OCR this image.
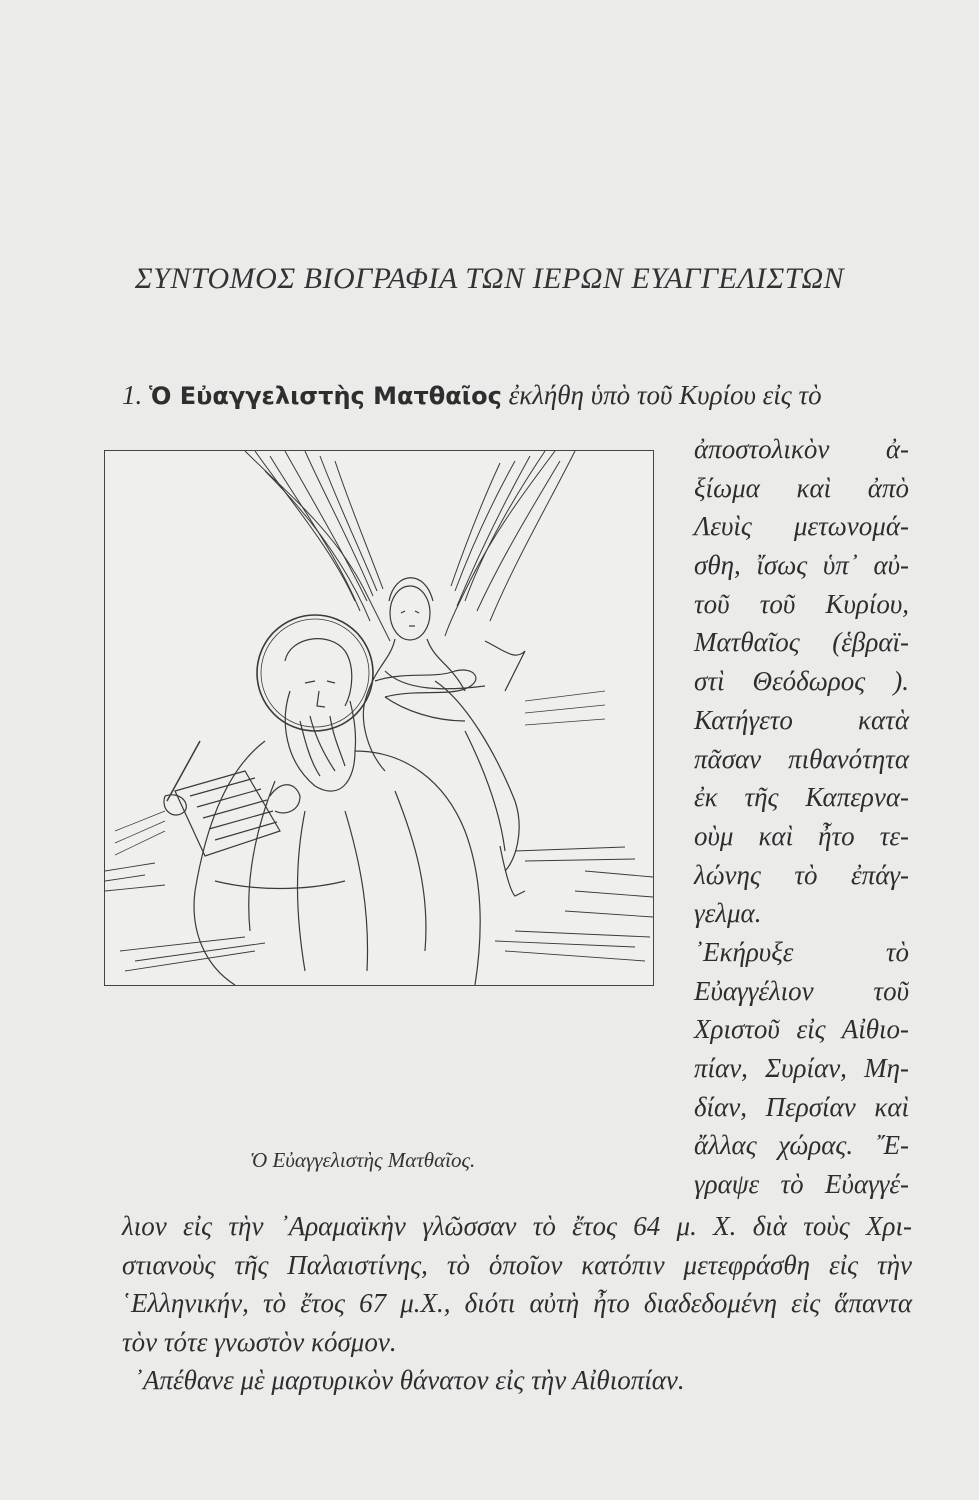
ΣΥΝΤΟΜΟΣ ΒΙΟΓΡΑΦΙΑ ΤΩΝ ΙΕΡΩΝ ΕΥΑΓΓΕΛΙΣΤΩΝ
1. Ὁ Εὐαγγελιστὴς Ματθαῖος ἐκλήθη ὑπὸ τοῦ Κυρίου εἰς τὸ
Ὁ Εὐαγγελιστὴς Ματθαῖος.
ἀποστολικὸν ἀ-
ξίωμα καὶ ἀπὸ
Λευὶς μετωνομά-
σθη, ἴσως ὑπ᾽ αὐ-
τοῦ τοῦ Κυρίου,
Ματθαῖος (ἑβραϊ-
στὶ Θεόδωρος ).
Κατήγετο κατὰ
πᾶσαν πιθανότητα
ἐκ τῆς Καπερνα-
οὺμ καὶ ἦτο τε-
λώνης τὸ ἐπάγ-
γελμα.
᾿Εκήρυξε τὸ
Εὐαγγέλιον τοῦ
Χριστοῦ εἰς Αἰθιο-
πίαν, Συρίαν, Μη-
δίαν, Περσίαν καὶ
ἄλλας χώρας. ῎Ε-
γραψε τὸ Εὐαγγέ-
λιον εἰς τὴν ᾿Αραμαϊκὴν γλῶσσαν τὸ ἔτος 64 μ. Χ. διὰ τοὺς Χρι-
στιανοὺς τῆς Παλαιστίνης, τὸ ὁποῖον κατόπιν μετεφράσθη εἰς τὴν
῾Ελληνικήν, τὸ ἔτος 67 μ.Χ., διότι αὐτὴ ἦτο διαδεδομένη εἰς ἅπαντα
τὸν τότε γνωστὸν κόσμον.
᾿Απέθανε μὲ μαρτυρικὸν θάνατον εἰς τὴν Αἰθιοπίαν.
